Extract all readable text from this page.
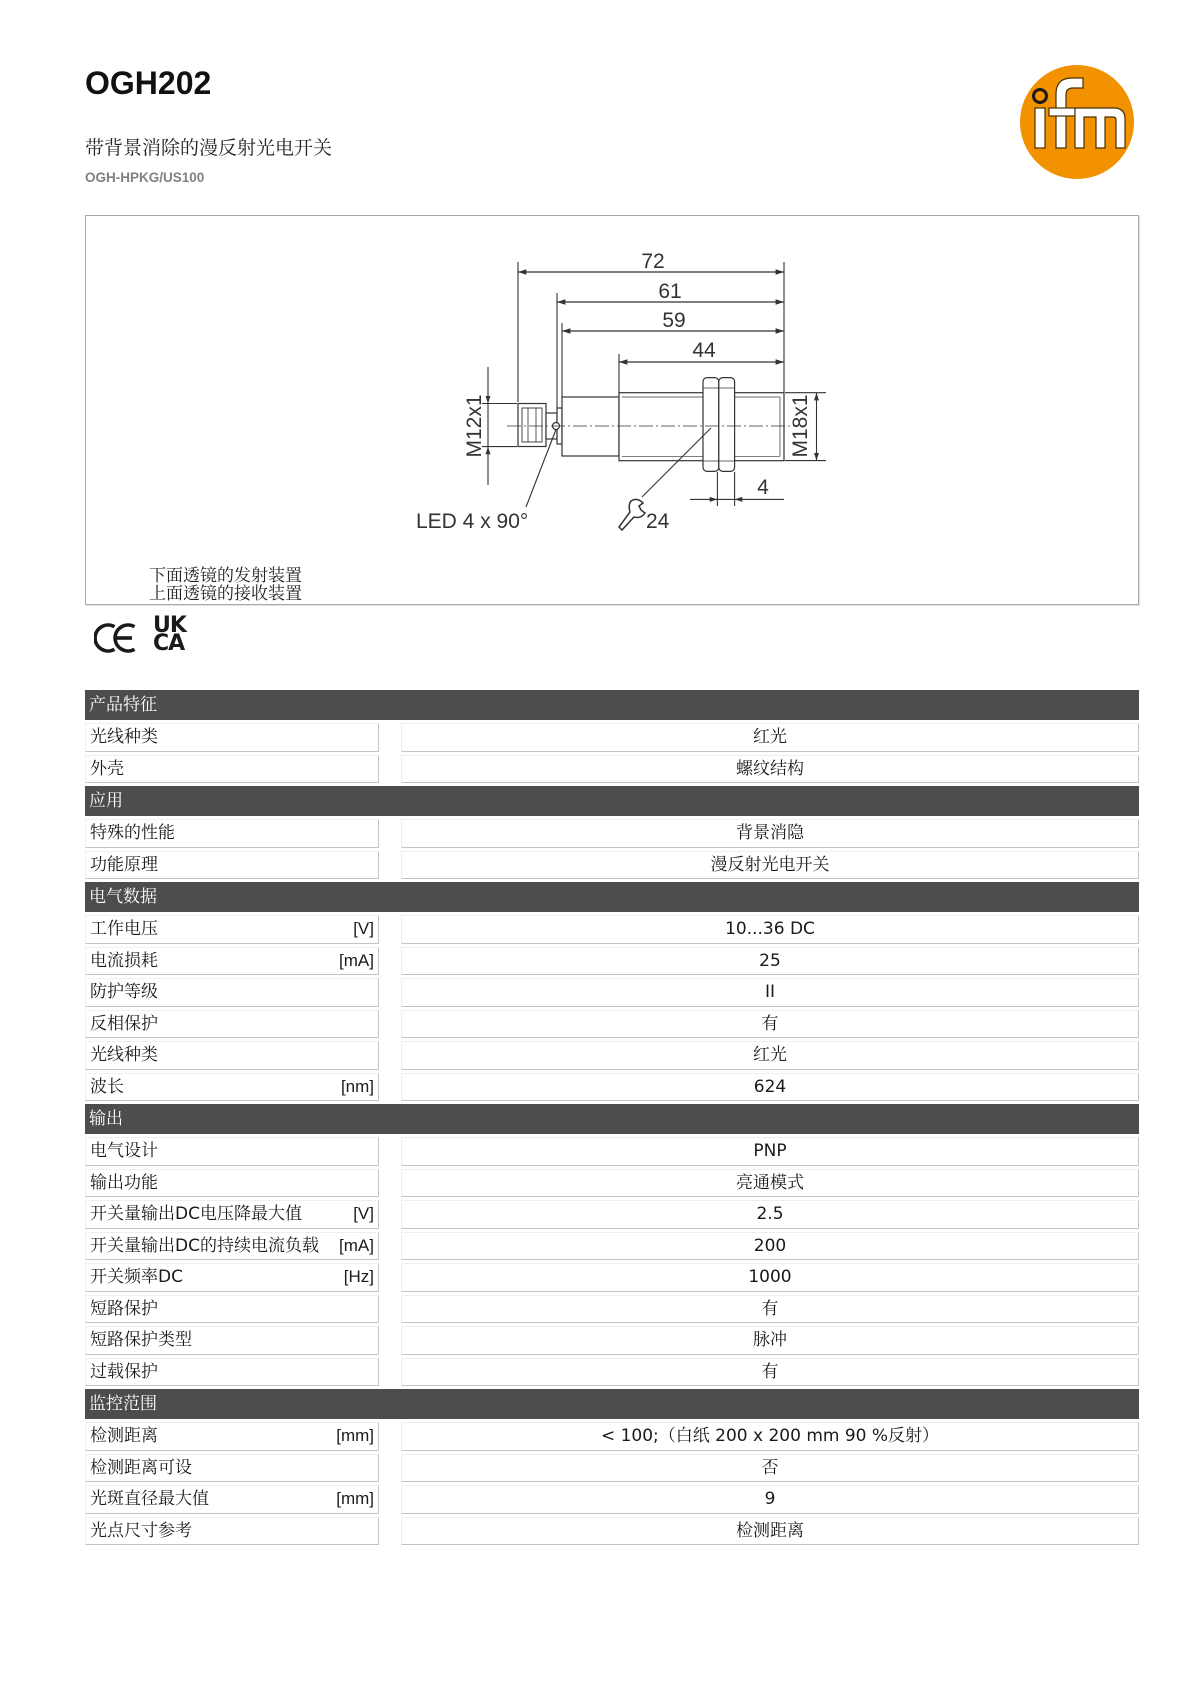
OGH202
带背景消除的漫反射光电开关
OGH-HPKG/US100
72
61
59
44
M12x1	M18x1
4
LED 4 x 90°	24
下面透镜的发射装置
上面透镜的接收装置
UK
CA
产品特征
光线种类	红光
外壳	螺纹结构
应用
特殊的性能	背景消隐
功能原理	漫反射光电开关
电气数据
工作电压	[V]	10...36 DC
电流损耗	[mA]	25
防护等级	II
反相保护	有
光线种类	红光
波长	[nm]	624
输出
电气设计	PNP
输出功能	亮通模式
开关量输出DC电压降最大值	[V]	2.5
开关量输出DC的持续电流负载	[mA]	200
开关频率DC	[Hz]	1000
短路保护	有
短路保护类型	脉冲
过载保护	有
监控范围
检测距离	[mm]	< 100;（白纸 200 x 200 mm 90 %反射）
检测距离可设	否
光斑直径最大值	[mm]	9
光点尺寸参考	检测距离
